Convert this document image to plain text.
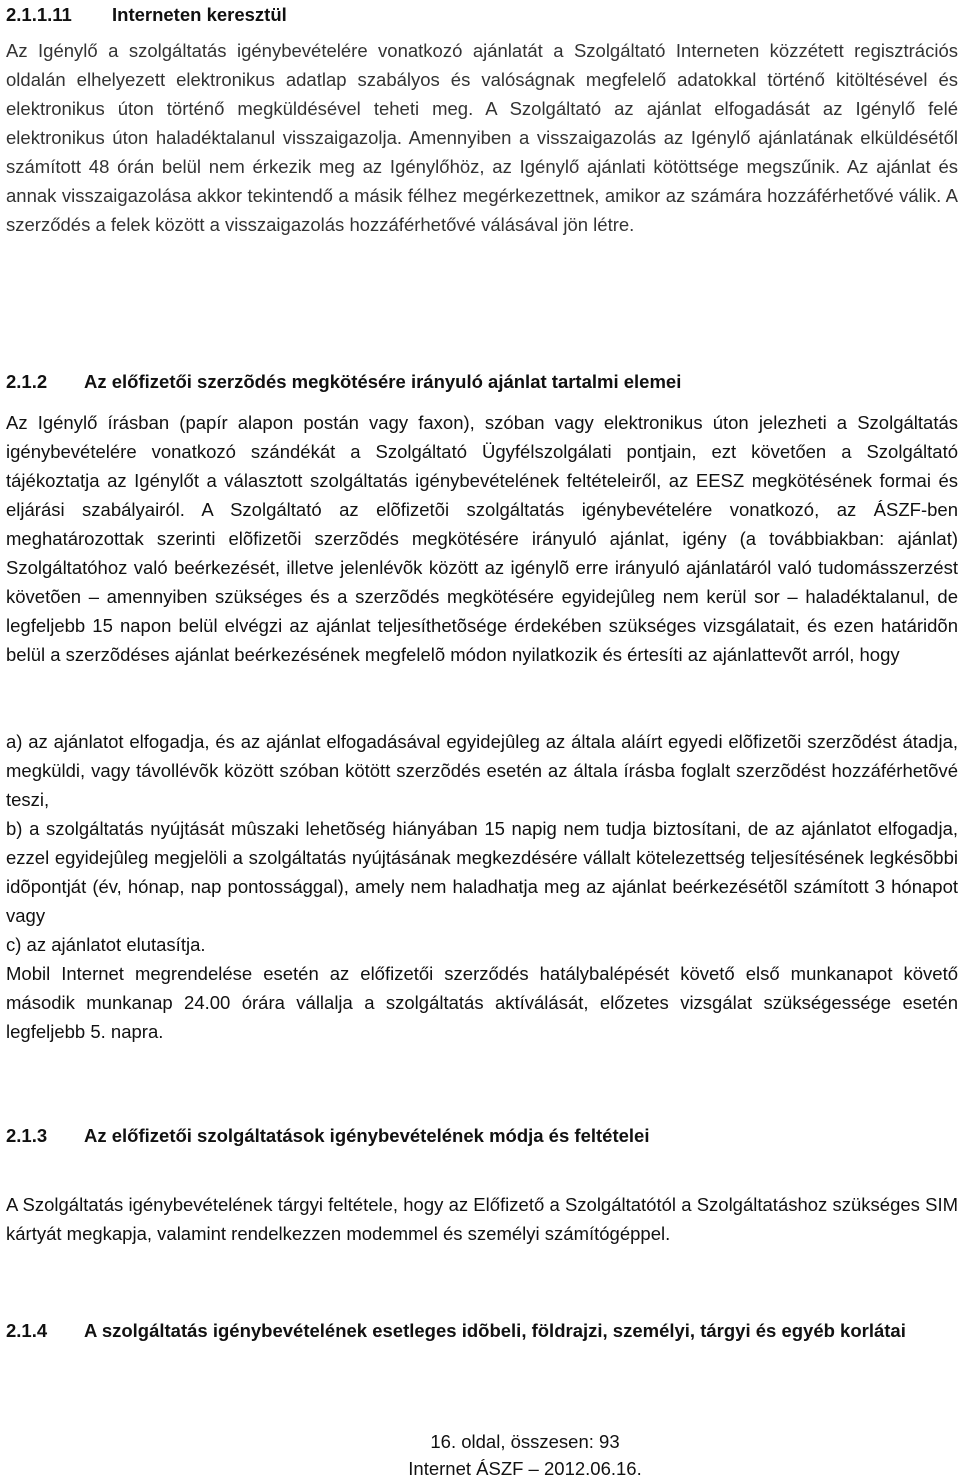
2.1.1.11 Interneten keresztül

Az Igénylő a szolgáltatás igénybevételére vonatkozó ajánlatát a Szolgáltató Interneten közzétett regisztrációs oldalán elhelyezett elektronikus adatlap szabályos és valóságnak megfelelő adatokkal történő kitöltésével és elektronikus úton történő megküldésével teheti meg. A Szolgáltató az ajánlat elfogadását az Igénylő felé elektronikus úton haladéktalanul visszaigazolja. Amennyiben a visszaigazolás az Igénylő ajánlatának elküldésétől számított 48 órán belül nem érkezik meg az Igénylőhöz, az Igénylő ajánlati kötöttsége megszűnik. Az ajánlat és annak visszaigazolása akkor tekintendő a másik félhez megérkezettnek, amikor az számára hozzáférhetővé válik. A szerződés a felek között a visszaigazolás hozzáférhetővé válásával jön létre.

2.1.2 Az előfizetői szerzõdés megkötésére irányuló ajánlat tartalmi elemei

Az Igénylő írásban (papír alapon postán vagy faxon), szóban vagy elektronikus úton jelezheti a Szolgáltatás igénybevételére vonatkozó szándékát a Szolgáltató Ügyfélszolgálati pontjain, ezt követően a Szolgáltató tájékoztatja az Igénylőt a választott szolgáltatás igénybevételének feltételeiről, az EESZ megkötésének formai és eljárási szabályairól. A Szolgáltató az elõfizetõi szolgáltatás igénybevételére vonatkozó, az ÁSZF-ben meghatározottak szerinti elõfizetõi szerzõdés megkötésére irányuló ajánlat, igény (a továbbiakban: ajánlat) Szolgáltatóhoz való beérkezését, illetve jelenlévõk között az igénylõ erre irányuló ajánlatáról való tudomásszerzést követõen – amennyiben szükséges és a szerzõdés megkötésére egyidejûleg nem kerül sor – haladéktalanul, de legfeljebb 15 napon belül elvégzi az ajánlat teljesíthetõsége érdekében szükséges vizsgálatait, és ezen határidõn belül a szerzõdéses ajánlat beérkezésének megfelelõ módon nyilatkozik és értesíti az ajánlattevõt arról, hogy

a) az ajánlatot elfogadja, és az ajánlat elfogadásával egyidejûleg az általa aláírt egyedi elõfizetõi szerzõdést átadja, megküldi, vagy távollévõk között szóban kötött szerzõdés esetén az általa írásba foglalt szerzõdést hozzáférhetõvé teszi,

b) a szolgáltatás nyújtását mûszaki lehetõség hiányában 15 napig nem tudja biztosítani, de az ajánlatot elfogadja, ezzel egyidejûleg megjelöli a szolgáltatás nyújtásának megkezdésére vállalt kötelezettség teljesítésének legkésõbbi idõpontját (év, hónap, nap pontossággal), amely nem haladhatja meg az ajánlat beérkezésétõl számított 3 hónapot vagy

c) az ajánlatot elutasítja.

Mobil Internet megrendelése esetén az előfizetői szerződés hatálybalépését követő első munkanapot követő második munkanap 24.00 órára vállalja a szolgáltatás aktíválását, előzetes vizsgálat szükségessége esetén legfeljebb 5. napra.

2.1.3 Az előfizetői szolgáltatások igénybevételének módja és feltételei

A Szolgáltatás igénybevételének tárgyi feltétele, hogy az Előfizető a Szolgáltatótól a Szolgáltatáshoz szükséges SIM kártyát megkapja, valamint rendelkezzen modemmel és személyi számítógéppel.

2.1.4	A szolgáltatás igénybevételének esetleges idõbeli, földrajzi, személyi, tárgyi és egyéb korlátai
16. oldal, összesen: 93
Internet ÁSZF – 2012.06.16.
